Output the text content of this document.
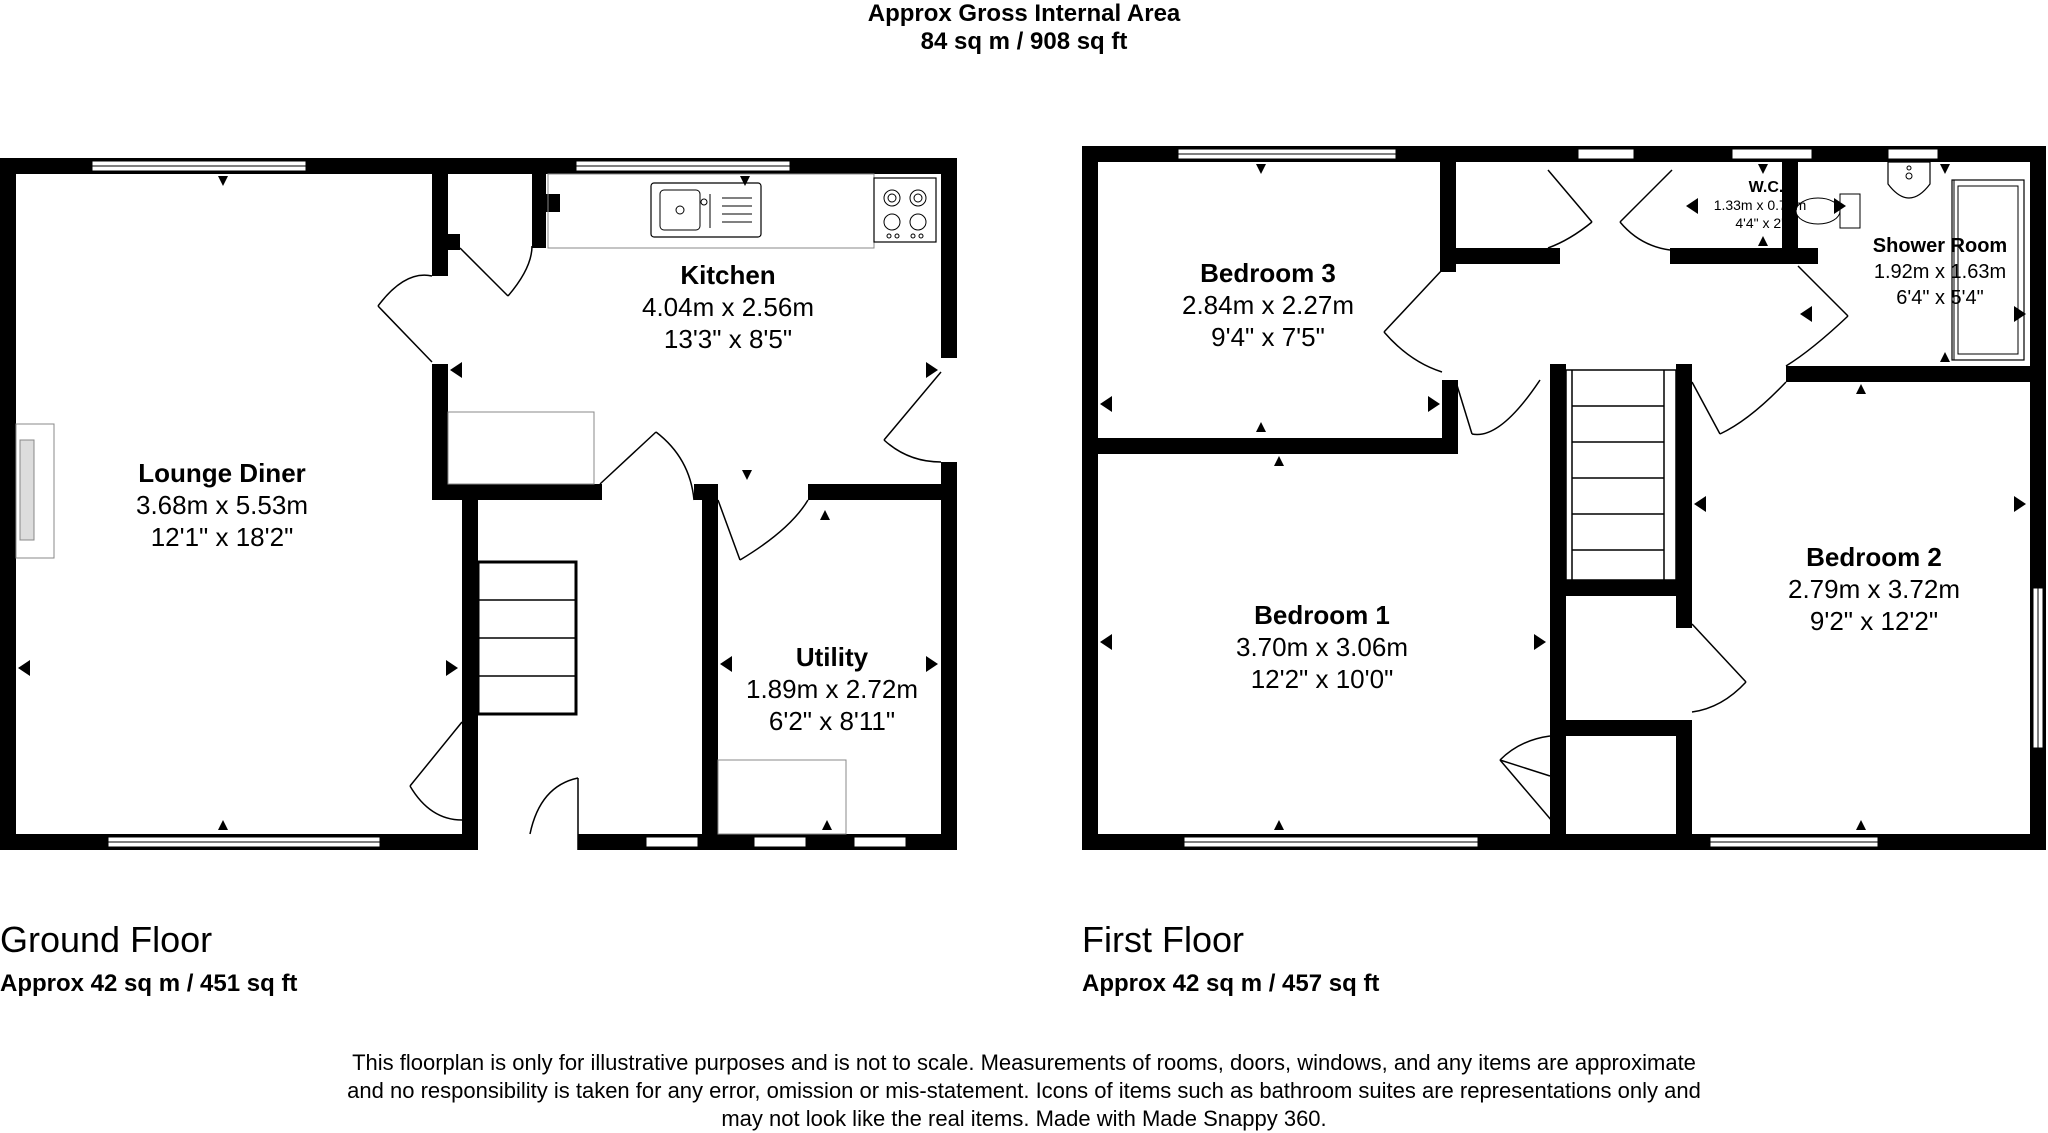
Approx Gross Internal Area
84 sq m / 908 sq ft
Lounge Diner
3.68m x 5.53m
12'1" x 18'2"
Kitchen
4.04m x 2.56m
13'3" x 8'5"
Utility
1.89m x 2.72m
6'2" x 8'11"
Bedroom 3
2.84m x 2.27m
9'4" x 7'5"
Bedroom 1
3.70m x 3.06m
12'2" x 10'0"
Bedroom 2
2.79m x 3.72m
9'2" x 12'2"
Shower Room
1.92m x 1.63m
6'4" x 5'4"
W.C.
1.33m x 0.74m
4'4" x 2'5"
Ground Floor
Approx 42 sq m / 451 sq ft
First Floor
Approx 42 sq m / 457 sq ft
This floorplan is only for illustrative purposes and is not to scale. Measurements of rooms, doors, windows, and any items are approximate
and no responsibility is taken for any error, omission or mis-statement. Icons of items such as bathroom suites are representations only and
may not look like the real items. Made with Made Snappy 360.
